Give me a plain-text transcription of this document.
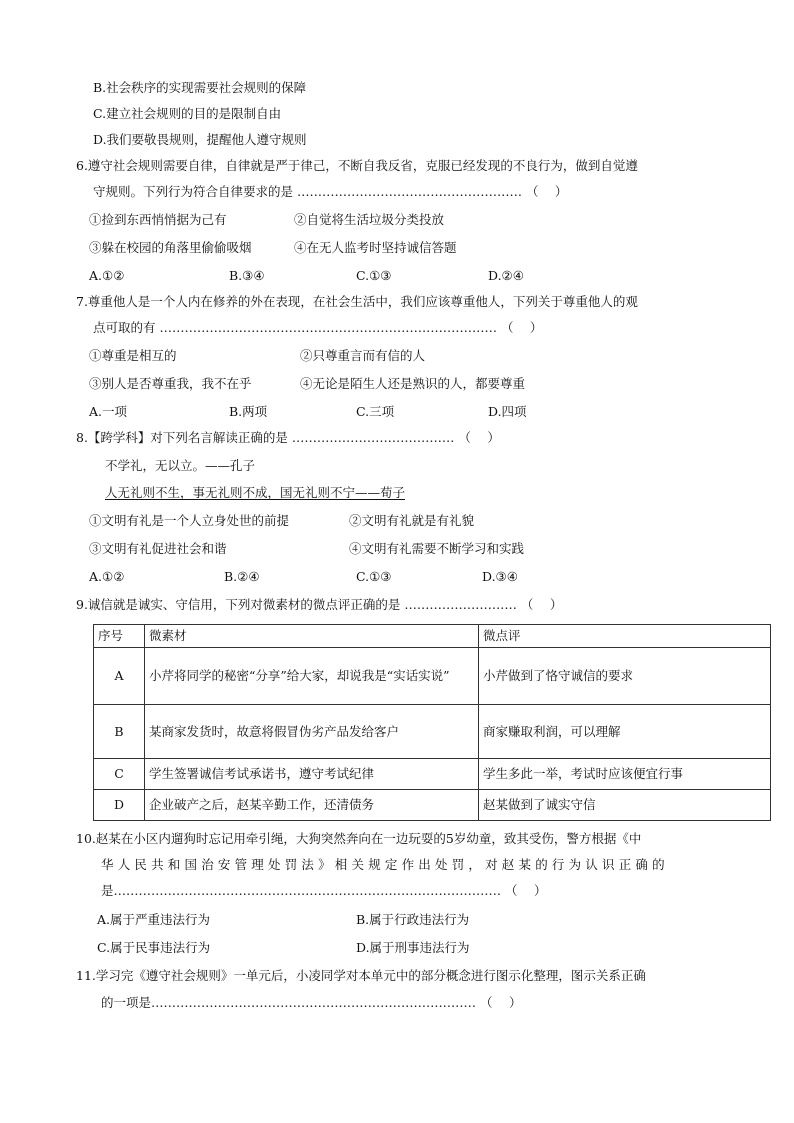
B.社会秩序的实现需要社会规则的保障
C.建立社会规则的目的是限制自由
D.我们要敬畏规则，提醒他人遵守规则
6.遵守社会规则需要自律，自律就是严于律己，不断自我反省，克服已经发现的不良行为，做到自觉遵
守规则。下列行为符合自律要求的是 ……………………………………………… （　 ）
①捡到东西悄悄据为己有	②自觉将生活垃圾分类投放
③躲在校园的角落里偷偷吸烟	④在无人监考时坚持诚信答题
A.①②	B.③④	C.①③	D.②④
7.尊重他人是一个人内在修养的外在表现，在社会生活中，我们应该尊重他人，下列关于尊重他人的观
点可取的有 ……………………………………………………………………… （　 ）
①尊重是相互的	②只尊重言而有信的人
③别人是否尊重我，我不在乎	④无论是陌生人还是熟识的人，都要尊重
A.一项	B.两项	C.三项	D.四项
8.【跨学科】对下列名言解读正确的是 ………………………………… （　 ）
不学礼，无以立。——孔子
人无礼则不生，事无礼则不成，国无礼则不宁——荀子
①文明有礼是一个人立身处世的前提	②文明有礼就是有礼貌
③文明有礼促进社会和谐	④文明有礼需要不断学习和实践
A.①②	B.②④	C.①③	D.③④
9.诚信就是诚实、守信用，下列对微素材的微点评正确的是 ……………………… （　 ）
序号	微素材	微点评
A	小芹将同学的秘密“分享”给大家，却说我是“实话实说”	小芹做到了恪守诚信的要求
B	某商家发货时，故意将假冒伪劣产品发给客户	商家赚取利润，可以理解
C	学生签署诚信考试承诺书，遵守考试纪律	学生多此一举，考试时应该便宜行事
D	企业破产之后，赵某辛勤工作，还清债务	赵某做到了诚实守信
10.赵某在小区内遛狗时忘记用牵引绳，大狗突然奔向在一边玩耍的5岁幼童，致其受伤，警方根据《中
华人民共和国治安管理处罚法》相关规定作出处罚，对赵某的行为认识正确的
是………………………………………………………………………………… （　 ）
A.属于严重违法行为	B.属于行政违法行为
C.属于民事违法行为	D.属于刑事违法行为
11.学习完《遵守社会规则》一单元后，小凌同学对本单元中的部分概念进行图示化整理，图示关系正确
的一项是…………………………………………………………………… （　 ）
